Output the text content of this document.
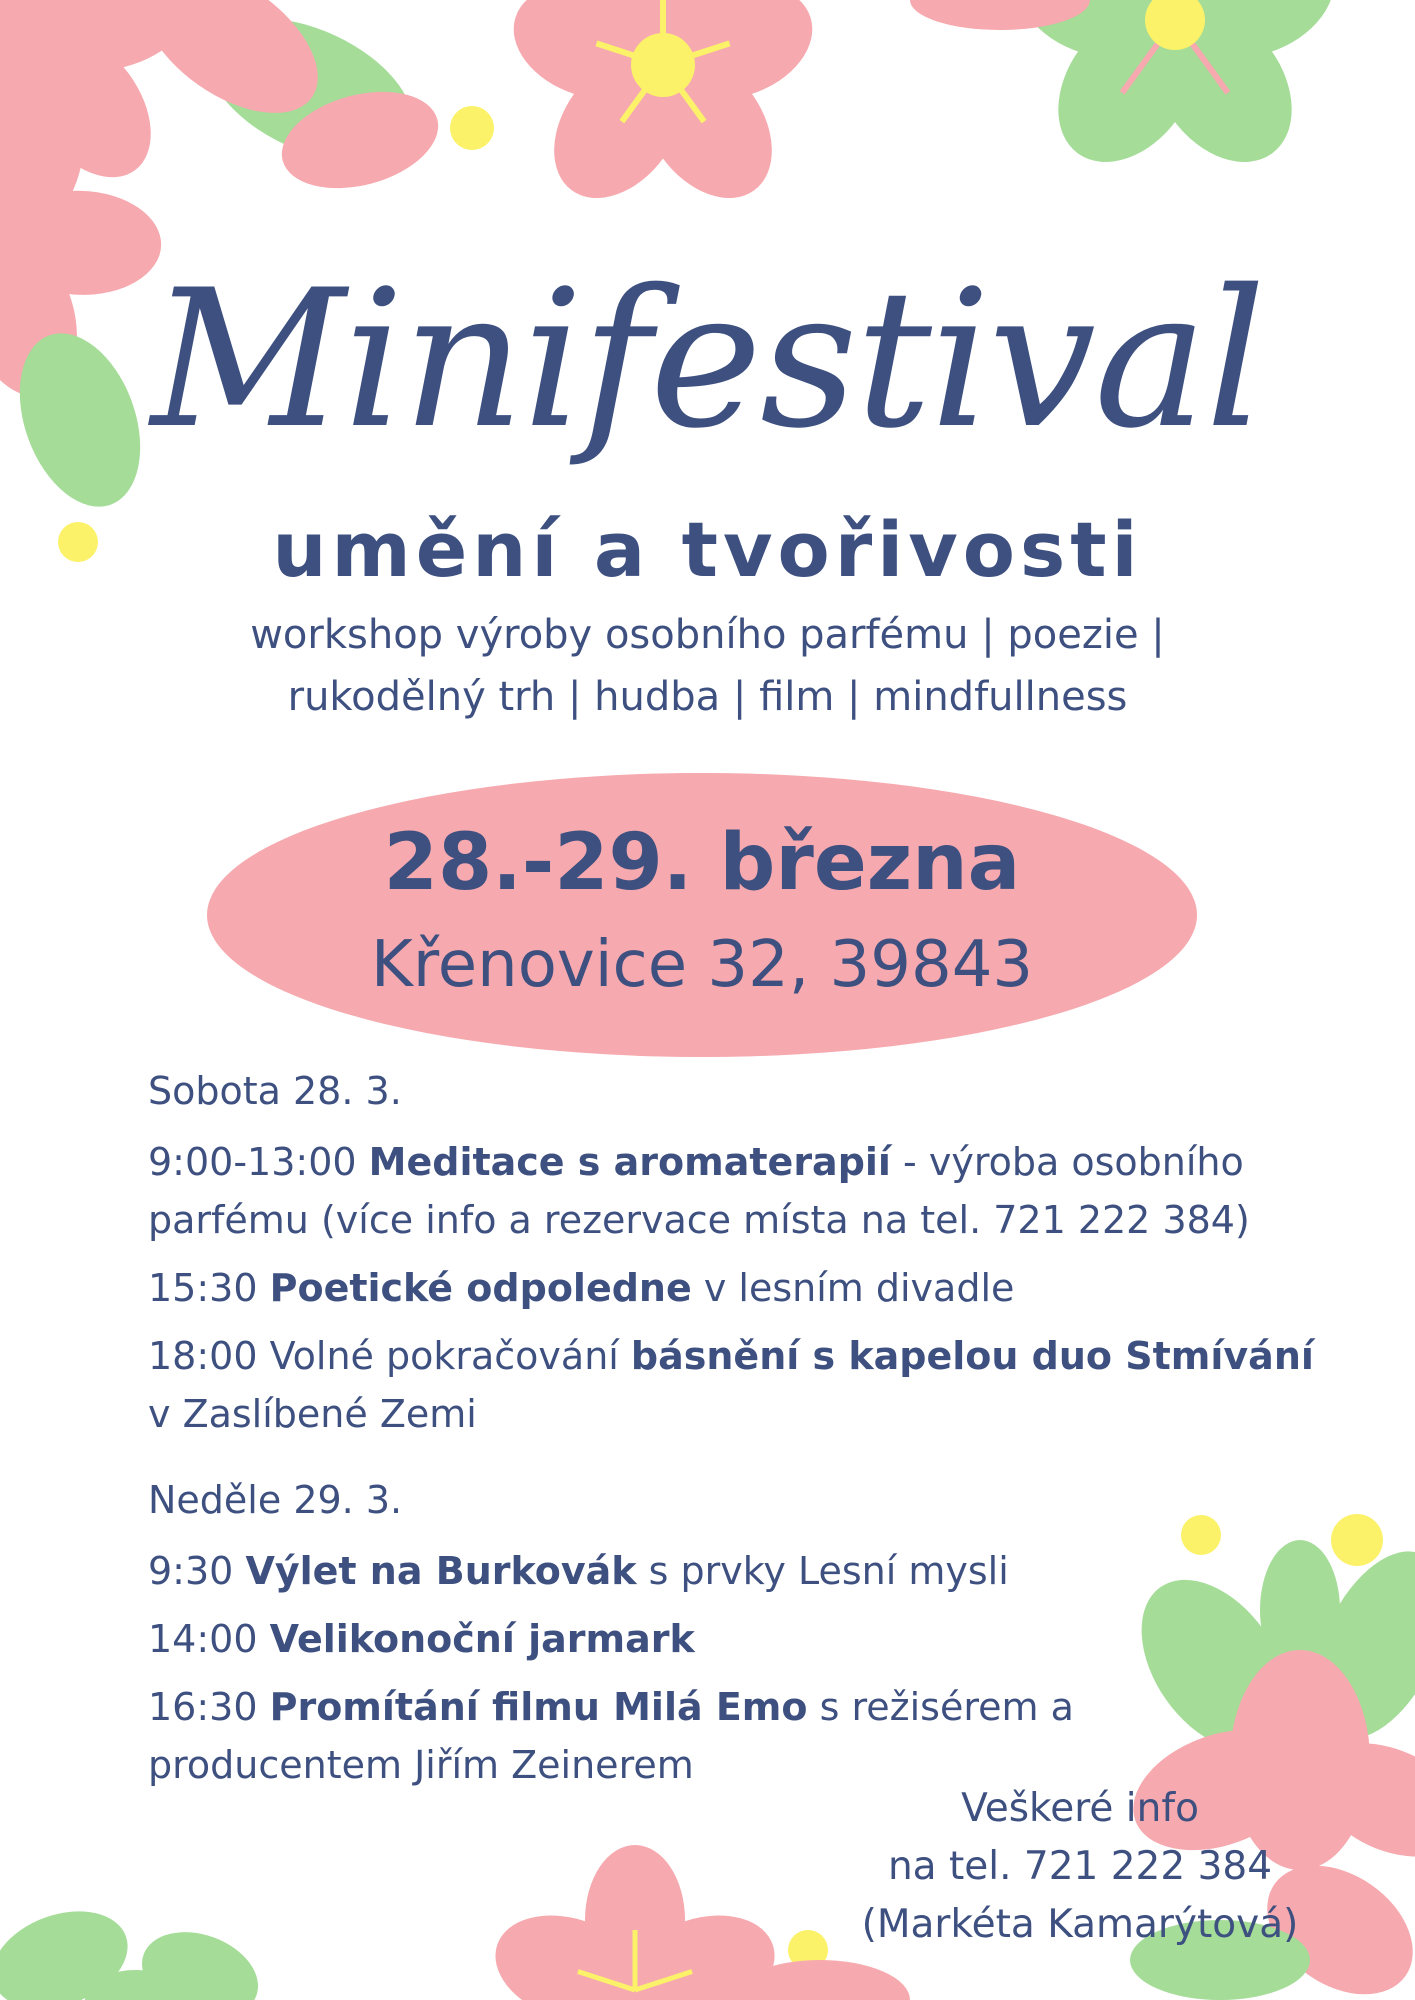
Minifestival
umění a tvořivosti
workshop výroby osobního parfému | poezie |
rukodělný trh | hudba | film | mindfullness
28.-29. března
Křenovice 32, 39843
Sobota 28. 3.
9:00-13:00 Meditace s aromaterapií - výroba osobního
parfému (více info a rezervace místa na tel. 721 222 384)
15:30 Poetické odpoledne v lesním divadle
18:00 Volné pokračování básnění s kapelou duo Stmívání
v Zaslíbené Zemi
Neděle 29. 3.
9:30 Výlet na Burkovák s prvky Lesní mysli
14:00 Velikonoční jarmark
16:30 Promítání filmu Milá Emo s režisérem a
producentem Jiřím Zeinerem
Veškeré info
na tel. 721 222 384
(Markéta Kamarýtová)
